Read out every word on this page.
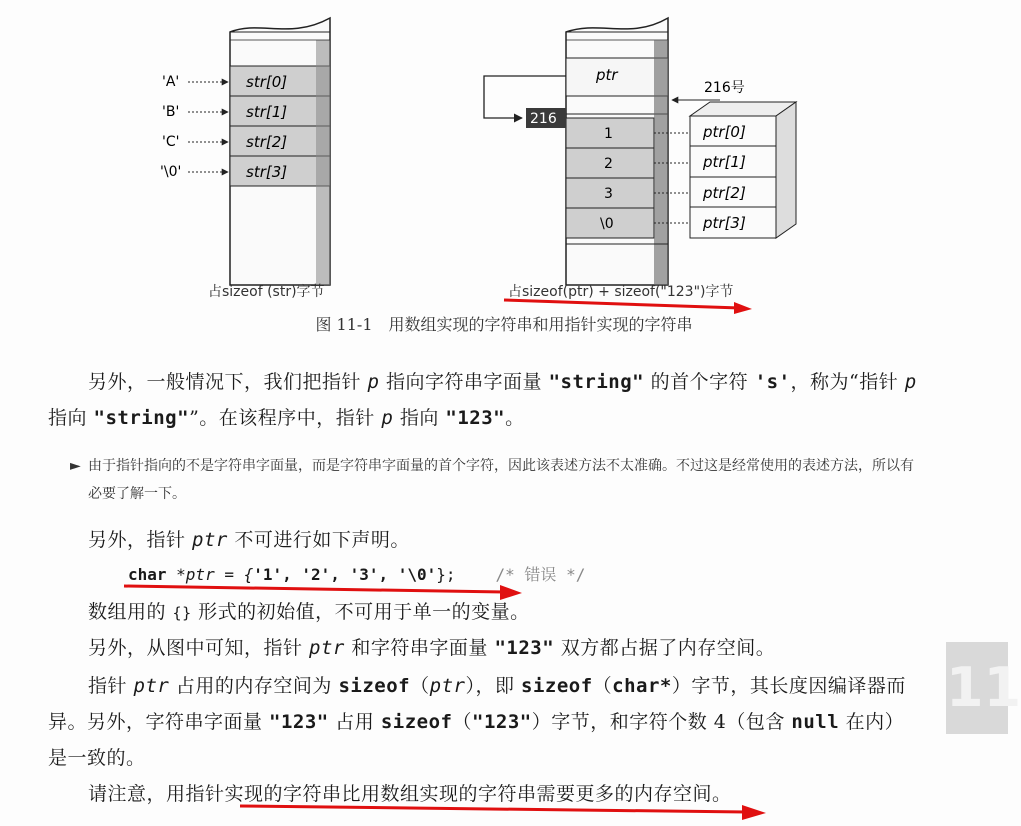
str[0]
str[1]
str[2]
str[3]
'A'
'B'
'C'
'\0'
占sizeof (str)字节
ptr
1
2
3
\0
216
216号
ptr[0]
ptr[1]
ptr[2]
ptr[3]
占sizeof(ptr) + sizeof("123")字节
图 11-1　用数组实现的字符串和用指针实现的字符串
另外，一般情况下，我们把指针 p 指向字符串字面量 "string" 的首个字符 's'，称为“指针 p 指向 "string"”。在该程序中，指针 p 指向 "123"。
► 由于指针指向的不是字符串字面量，而是字符串字面量的首个字符，因此该表述方法不太准确。不过这是经常使用的表述方法，所以有必要了解一下。
另外，指针 ptr 不可进行如下声明。
char *ptr = {'1', '2', '3', '\0'};	/* 错误 */
数组用的 {} 形式的初始值，不可用于单一的变量。
另外，从图中可知，指针 ptr 和字符串字面量 "123" 双方都占据了内存空间。
指针 ptr 占用的内存空间为 sizeof（ptr），即 sizeof（char*）字节，其长度因编译器而异。另外，字符串字面量 "123" 占用 sizeof（"123"）字节，和字符个数 4（包含 null 在内）是一致的。
请注意，用指针实现的字符串比用数组实现的字符串需要更多的内存空间。
11
